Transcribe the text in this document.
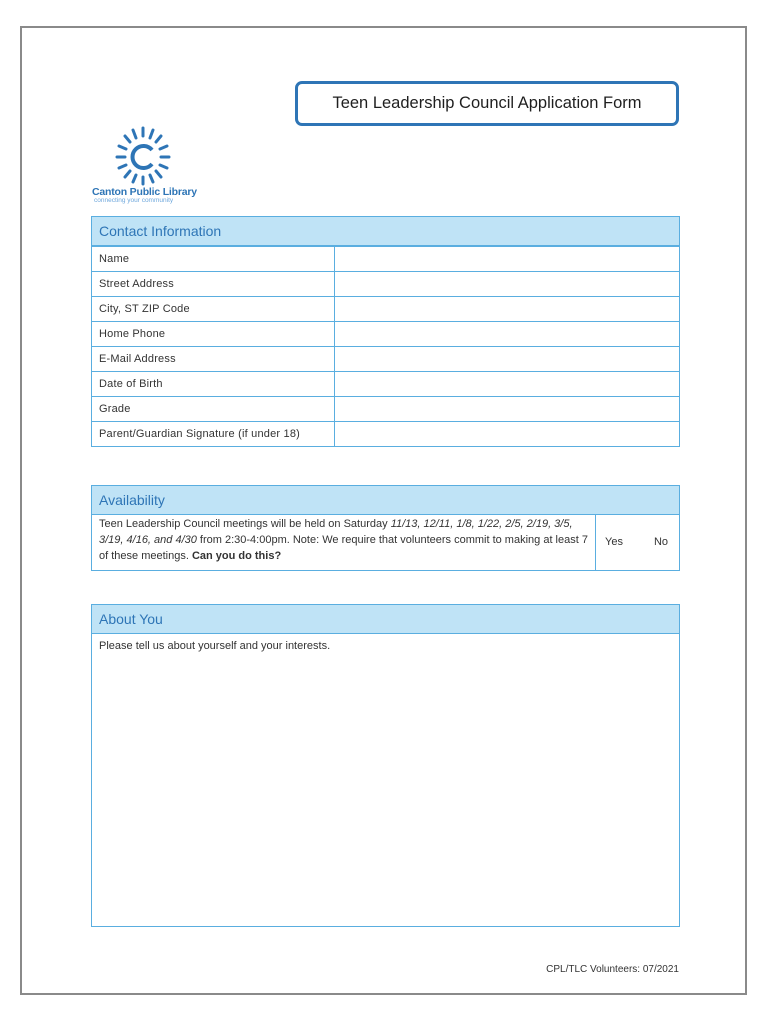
Teen Leadership Council Application Form
Canton Public Library
connecting your community
Contact Information
Name	
Street Address	
City, ST ZIP Code	
Home Phone	
E-Mail Address	
Date of Birth	
Grade	
Parent/Guardian Signature (if under 18)	
Availability
Teen Leadership Council meetings will be held on Saturday 11/13, 12/11, 1/8, 1/22, 2/5, 2/19, 3/5, 3/19, 4/16, and 4/30 from 2:30-4:00pm. Note: We require that volunteers commit to making at least 7 of these meetings. Can you do this?
Yes	No
About You
Please tell us about yourself and your interests.
CPL/TLC Volunteers: 07/2021
